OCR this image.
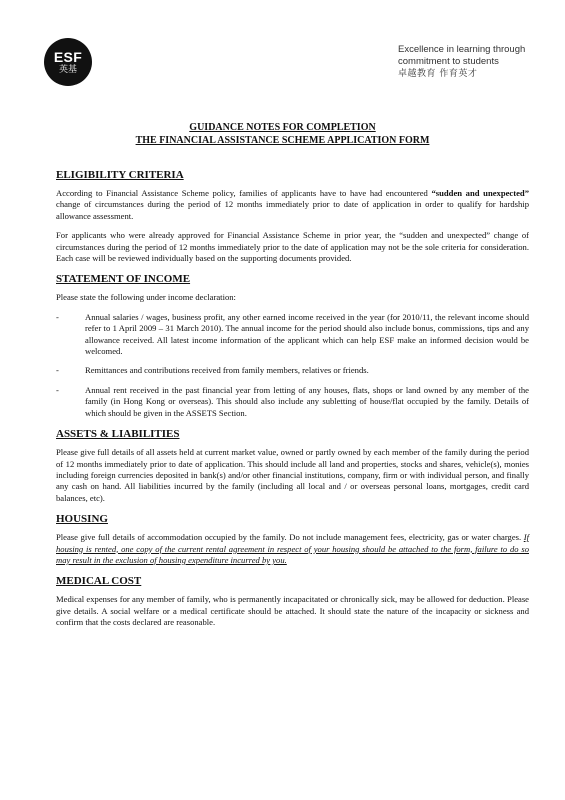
ESF
英基
Excellence in learning through
commitment to students
卓越教育 作育英才
GUIDANCE NOTES FOR COMPLETION
THE FINANCIAL ASSISTANCE SCHEME APPLICATION FORM
ELIGIBILITY CRITERIA

According to Financial Assistance Scheme policy, families of applicants have to have had encountered “sudden and unexpected” change of circumstances during the period of 12 months immediately prior to date of application in order to qualify for hardship allowance assessment.

For applicants who were already approved for Financial Assistance Scheme in prior year, the “sudden and unexpected” change of circumstances during the period of 12 months immediately prior to the date of application may not be the sole criteria for consideration. Each case will be reviewed individually based on the supporting documents provided.

STATEMENT OF INCOME

Please state the following under income declaration:

-	Annual salaries / wages, business profit, any other earned income received in the year (for 2010/11, the relevant income should refer to 1 April 2009 – 31 March 2010). The annual income for the period should also include bonus, commissions, tips and any allowance received. All latest income information of the applicant which can help ESF make an informed decision would be welcomed.
-	Remittances and contributions received from family members, relatives or friends.
-	Annual rent received in the past financial year from letting of any houses, flats, shops or land owned by any member of the family (in Hong Kong or overseas). This should also include any subletting of house/flat occupied by the family. Details of which should be given in the ASSETS Section.
ASSETS & LIABILITIES

Please give full details of all assets held at current market value, owned or partly owned by each member of the family during the period of 12 months immediately prior to date of application. This should include all land and properties, stocks and shares, vehicle(s), monies including foreign currencies deposited in bank(s) and/or other financial institutions, company, firm or with individual person, and finally any cash on hand. All liabilities incurred by the family (including all local and / or overseas personal loans, mortgages, credit card balances, etc).

HOUSING

Please give full details of accommodation occupied by the family. Do not include management fees, electricity, gas or water charges. If housing is rented, one copy of the current rental agreement in respect of your housing should be attached to the form, failure to do so may result in the exclusion of housing expenditure incurred by you.

MEDICAL COST

Medical expenses for any member of family, who is permanently incapacitated or chronically sick, may be allowed for deduction. Please give details. A social welfare or a medical certificate should be attached. It should state the nature of the incapacity or sickness and confirm that the costs declared are reasonable.
